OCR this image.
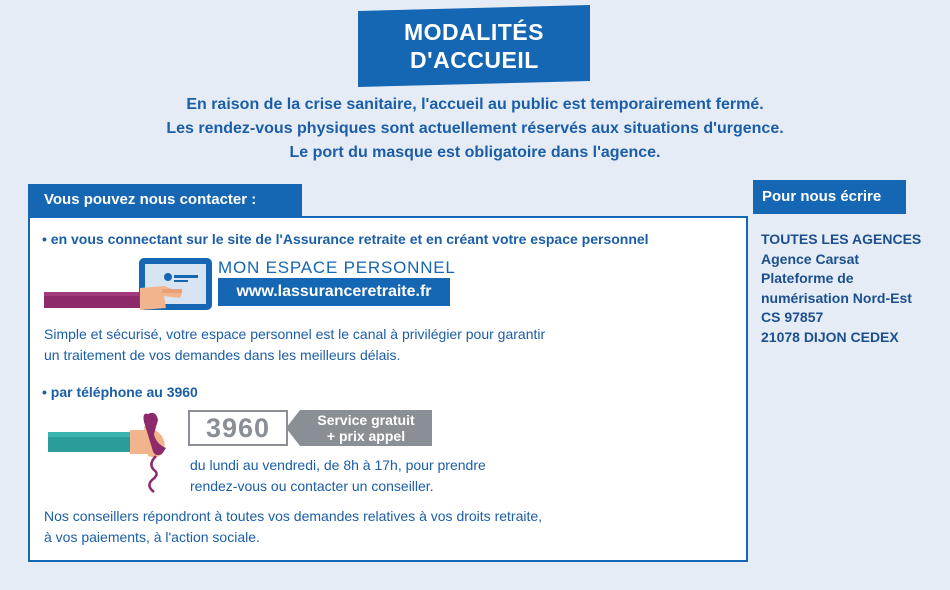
MODALITÉS
D'ACCUEIL
En raison de la crise sanitaire, l'accueil au public est temporairement fermé.
Les rendez-vous physiques sont actuellement réservés aux situations d'urgence.
Le port du masque est obligatoire dans l'agence.
Vous pouvez nous contacter :
• en vous connectant sur le site de l'Assurance retraite et en créant votre espace personnel
MON ESPACE PERSONNEL
www.lassuranceretraite.fr
Simple et sécurisé, votre espace personnel est le canal à privilégier pour garantir
un traitement de vos demandes dans les meilleurs délais.
• par téléphone au 3960
3960	Service gratuit
+ prix appel
du lundi au vendredi, de 8h à 17h, pour prendre
rendez-vous ou contacter un conseiller.
Nos conseillers répondront à toutes vos demandes relatives à vos droits retraite,
à vos paiements, à l'action sociale.
Pour nous écrire
TOUTES LES AGENCES
Agence Carsat
Plateforme de
numérisation Nord-Est
CS 97857
21078 DIJON CEDEX
